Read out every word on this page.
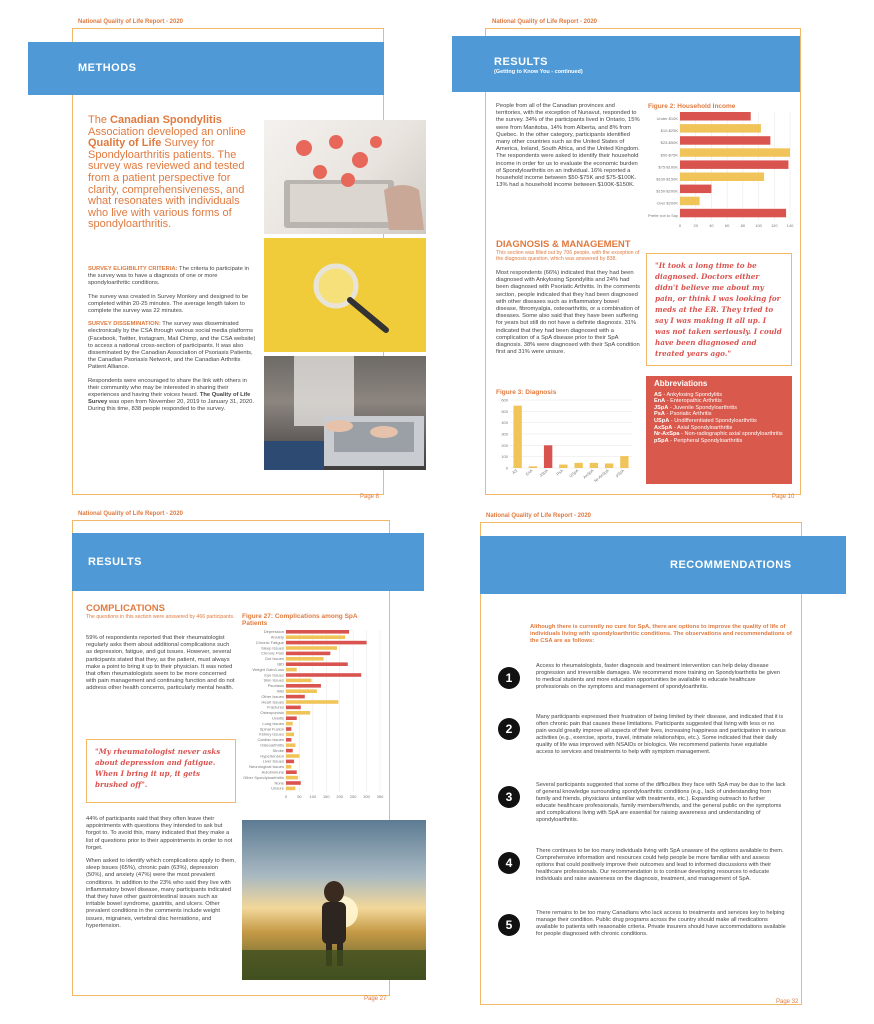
National Quality of Life Report - 2020
METHODS
The Canadian Spondylitis Association developed an online Quality of Life Survey for Spondyloarthritis patients. The survey was reviewed and tested from a patient perspective for clarity, comprehensiveness, and what resonates with individuals who live with various forms of spondyloarthritis.

SURVEY ELIGIBILITY CRITERIA: The criteria to participate in the survey was to have a diagnosis of one or more spondyloarthritic conditions.

The survey was created in Survey Monkey and designed to be completed within 20-25 minutes. The average length taken to complete the survey was 22 minutes.

SURVEY DISSEMINATION: The survey was disseminated electronically by the CSA through various social media platforms (Facebook, Twitter, Instagram, Mail Chimp, and the CSA website) to access a national cross-section of participants. It was also disseminated by the Canadian Association of Psoriasis Patients, the Canadian Psoriasis Network, and the Canadian Arthritis Patient Alliance.

Respondents were encouraged to share the link with others in their community who may be interested in sharing their experiences and having their voices heard. The Quality of Life Survey was open from November 20, 2019 to January 31, 2020. During this time, 838 people responded to the survey.

Page 8
National Quality of Life Report - 2020
RESULTS
(Getting to Know You - continued)
People from all of the Canadian provinces and territories, with the exception of Nunavut, responded to the survey. 34% of the participants lived in Ontario, 15% were from Manitoba, 14% from Alberta, and 8% from Quebec. In the other category, participants identified many other countries such as the United States of America, Ireland, South Africa, and the United Kingdom. The respondents were asked to identify their household income in order for us to evaluate the economic burden of Spondyloarthritis on an individual. 16% reported a household income between $50-$75K and $75-$100K. 13% had a household income between $100K-$150K.
DIAGNOSIS & MANAGEMENT
This section was filled out by 706 people, with the exception of the diagnosis question, which was answered by 838.
Most respondents (66%) indicated that they had been diagnosed with Ankylosing Spondylitis and 24% had been diagnosed with Psoriatic Arthritis. In the comments section, people indicated that they had been diagnosed with other diseases such as inflammatory bowel disease, fibromyalgia, osteoarthritis, or a combination of diseases. Some also said that they have been suffering for years but still do not have a definite diagnosis. 31% indicated that they had been diagnosed with a complication of a SpA disease prior to their SpA diagnosis. 38% were diagnosed with their SpA condition first and 31% were unsure.
Figure 2: Household Income
0	20	40	60	80	100 120 140
Under $10K
$10-$25K
$25-$50K
$50-$75K
$75-$100K
$100-$150K
$150-$200K
Over $200K
Prefer not to Say
"It took a long time to be diagnosed. Doctors either didn't believe me about my pain, or think I was looking for meds at the ER. They tried to say I was making it all up. I was not taken seriously. I could have been diagnosed and treated years ago."
Figure 3: Diagnosis
0
100
200
300
400
500
600
AS EnA JSpA PsA USpA AxSpA
Nr-AxSpA pSpA
Abbreviations
AS - Ankylosing Spondylitis
EnA - Enteropathic Arthritis
JSpA - Juvenile Spondyloarthritis
PsA - Psoriatic Arthritis
USpA - Undifferentiated Spondyloarthritis
AxSpA - Axial Spondyloarthritis
Nr-AxSpa - Non-radiographic axial spondyloarthritis
pSpA - Peripheral Spondyloarthritis
Page 10
National Quality of Life Report - 2020
RESULTS
COMPLICATIONS
The questions in this section were answered by 466 participants.
59% of respondents reported that their rheumatologist regularly asks them about additional complications such as depression, fatigue, and gut issues. However, several participants stated that they, as the patient, must always make a point to bring it up to their physician. It was noted that often rheumatologists seem to be more concerned with pain management and continuing function and do not address other health concerns, particularly mental health.
"My rheumatologist never asks about depression and fatigue. When I bring it up, it gets brushed off".

44% of participants said that they often leave their appointments with questions they intended to ask but forgot to. To avoid this, many indicated that they make a list of questions prior to their appointments in order to not forget.

When asked to identify which complications apply to them, sleep issues (65%), chronic pain (63%), depression (50%), and anxiety (47%) were the most prevalent conditions. In addition to the 23% who said they live with inflammatory bowel disease, many participants indicated that they have other gastrointestinal issues such as irritable bowel syndrome, gastritis, and ulcers. Other prevalent conditions in the comments include weight issues, migraines, vertebral disc herniations, and hypertension.

Figure 27: Complications among SpA Patients
0	50 100 150 200 250 300 350
Depression
Anxiety
Chronic Fatigue
Sleep Issues
Chronic Pain
Gut Issues
IBD
Weight Gain/Loss
Eye Issues
Skin Issues
Psoriasis
Iritis
Other Issues
Heart Issues
Fractures
Osteoporosis
Uveitis
Lung Issues
Spinal Fusion
Kidney Issues
Cardiac Issues
Osteoarthritis
Stroke
Hypertension
Liver Issues
Neurological Issues
Autoimmune
Other Spondyloarthritis
None
Unsure
Page 27
National Quality of Life Report - 2020
RECOMMENDATIONS
Although there is currently no cure for SpA, there are options to improve the quality of life of individuals living with spondyloarthritic conditions. The observations and recommendations of the CSA are as follows:
1
Access to rheumatologists, faster diagnosis and treatment intervention can help delay disease progression and irreversible damages. We recommend more training on Spondyloarthritis be given to medical students and more education opportunities be available to educate healthcare professionals on the symptoms and management of spondyloarthritis.
2
Many participants expressed their frustration of being limited by their disease, and indicated that it is often chronic pain that causes these limitations. Participants suggested that living with less or no pain would greatly improve all aspects of their lives, increasing happiness and participation in various activities (e.g., exercise, sports, travel, intimate relationships, etc.). Some indicated that their daily quality of life was improved with NSAIDs or biologics. We recommend patients have equitable access to services and treatments to help with symptom management.
3
Several participants suggested that some of the difficulties they face with SpA may be due to the lack of general knowledge surrounding spondyloarthritic conditions (e.g., lack of understanding from family and friends, physicians unfamiliar with treatments, etc.). Expanding outreach to further educate healthcare professionals, family members/friends, and the general public on the symptoms and complications living with SpA are essential for raising awareness and understanding of spondyloarthritis.
4
There continues to be too many individuals living with SpA unaware of the options available to them. Comprehensive information and resources could help people be more familiar with and assess options that could positively improve their outcomes and lead to informed discussions with their healthcare professionals. Our recommendation is to continue developing resources to educate individuals and raise awareness on the diagnosis, treatment, and management of SpA.
5
There remains to be too many Canadians who lack access to treatments and services key to helping manage their condition. Public drug programs across the country should make all medications available to patients with reasonable criteria. Private insurers should have accommodations available for people diagnosed with chronic conditions.
Page 32
